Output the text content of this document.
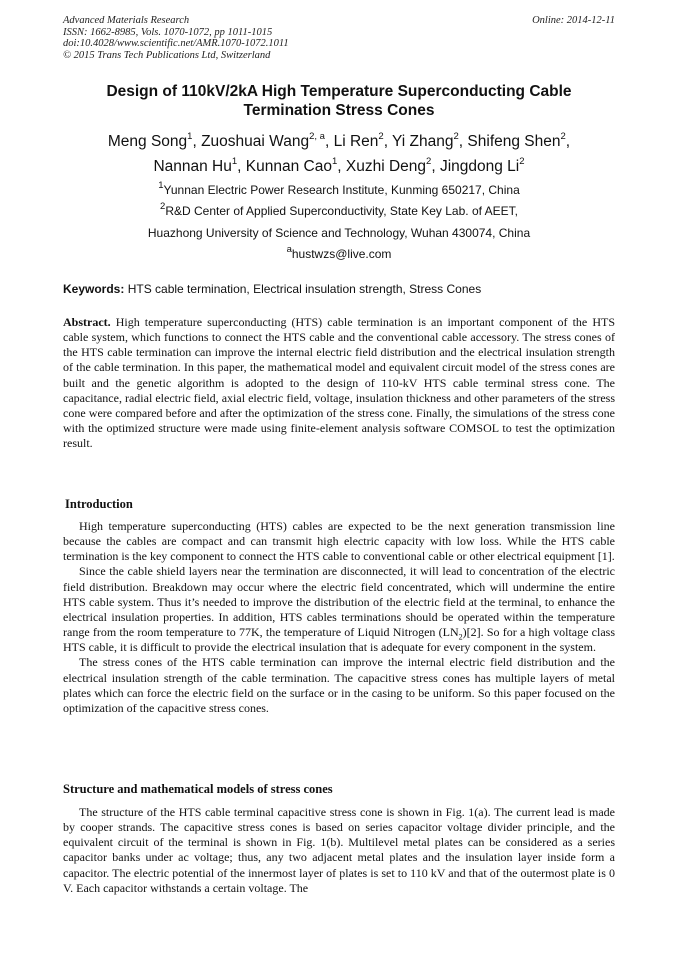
Advanced Materials Research
ISSN: 1662-8985, Vols. 1070-1072, pp 1011-1015
doi:10.4028/www.scientific.net/AMR.1070-1072.1011
© 2015 Trans Tech Publications Ltd, Switzerland
Online: 2014-12-11
Design of 110kV/2kA High Temperature Superconducting Cable
Termination Stress Cones
Meng Song$^1$, Zuoshuai Wang$^{2, a}$, Li Ren$^2$, Yi Zhang$^2$, Shifeng Shen$^2$,
Nannan Hu$^1$, Kunnan Cao$^1$, Xuzhi Deng$^2$, Jingdong Li$^2$
$^1$Yunnan Electric Power Research Institute, Kunming 650217, China
$^2$R&D Center of Applied Superconductivity, State Key Lab. of AEET,
Huazhong University of Science and Technology, Wuhan 430074, China
$^a$hustwzs@live.com
Keywords: HTS cable termination, Electrical insulation strength, Stress Cones
Abstract. High temperature superconducting (HTS) cable termination is an important component of the HTS cable system, which functions to connect the HTS cable and the conventional cable accessory. The stress cones of the HTS cable termination can improve the internal electric field distribution and the electrical insulation strength of the cable termination. In this paper, the mathematical model and equivalent circuit model of the stress cones are built and the genetic algorithm is adopted to the design of 110-kV HTS cable terminal stress cone. The capacitance, radial electric field, axial electric field, voltage, insulation thickness and other parameters of the stress cone were compared before and after the optimization of the stress cone. Finally, the simulations of the stress cone with the optimized structure were made using finite-element analysis software COMSOL to test the optimization result.
Introduction

High temperature superconducting (HTS) cables are expected to be the next generation transmission line because the cables are compact and can transmit high electric capacity with low loss. While the HTS cable termination is the key component to connect the HTS cable to conventional cable or other electrical equipment [1].

Since the cable shield layers near the termination are disconnected, it will lead to concentration of the electric field distribution. Breakdown may occur where the electric field concentrated, which will undermine the entire HTS cable system. Thus it’s needed to improve the distribution of the electric field at the terminal, to enhance the electrical insulation properties. In addition, HTS cables terminations should be operated within the temperature range from the room temperature to 77K, the temperature of Liquid Nitrogen $(LN_2)[2]$. So for a high voltage class HTS cable, it is difficult to provide the electrical insulation that is adequate for every component in the system.

The stress cones of the HTS cable termination can improve the internal electric field distribution and the electrical insulation strength of the cable termination. The capacitive stress cones has multiple layers of metal plates which can force the electric field on the surface or in the casing to be uniform. So this paper focused on the optimization of the capacitive stress cones.

Structure and mathematical models of stress cones

The structure of the HTS cable terminal capacitive stress cone is shown in Fig. 1(a). The current lead is made by cooper strands. The capacitive stress cones is based on series capacitor voltage divider principle, and the equivalent circuit of the terminal is shown in Fig. 1(b). Multilevel metal plates can be considered as a series capacitor banks under ac voltage; thus, any two adjacent metal plates and the insulation layer inside form a capacitor. The electric potential of the innermost layer of plates is set to 110 kV and that of the outermost plate is 0 V. Each capacitor withstands a certain voltage. The
